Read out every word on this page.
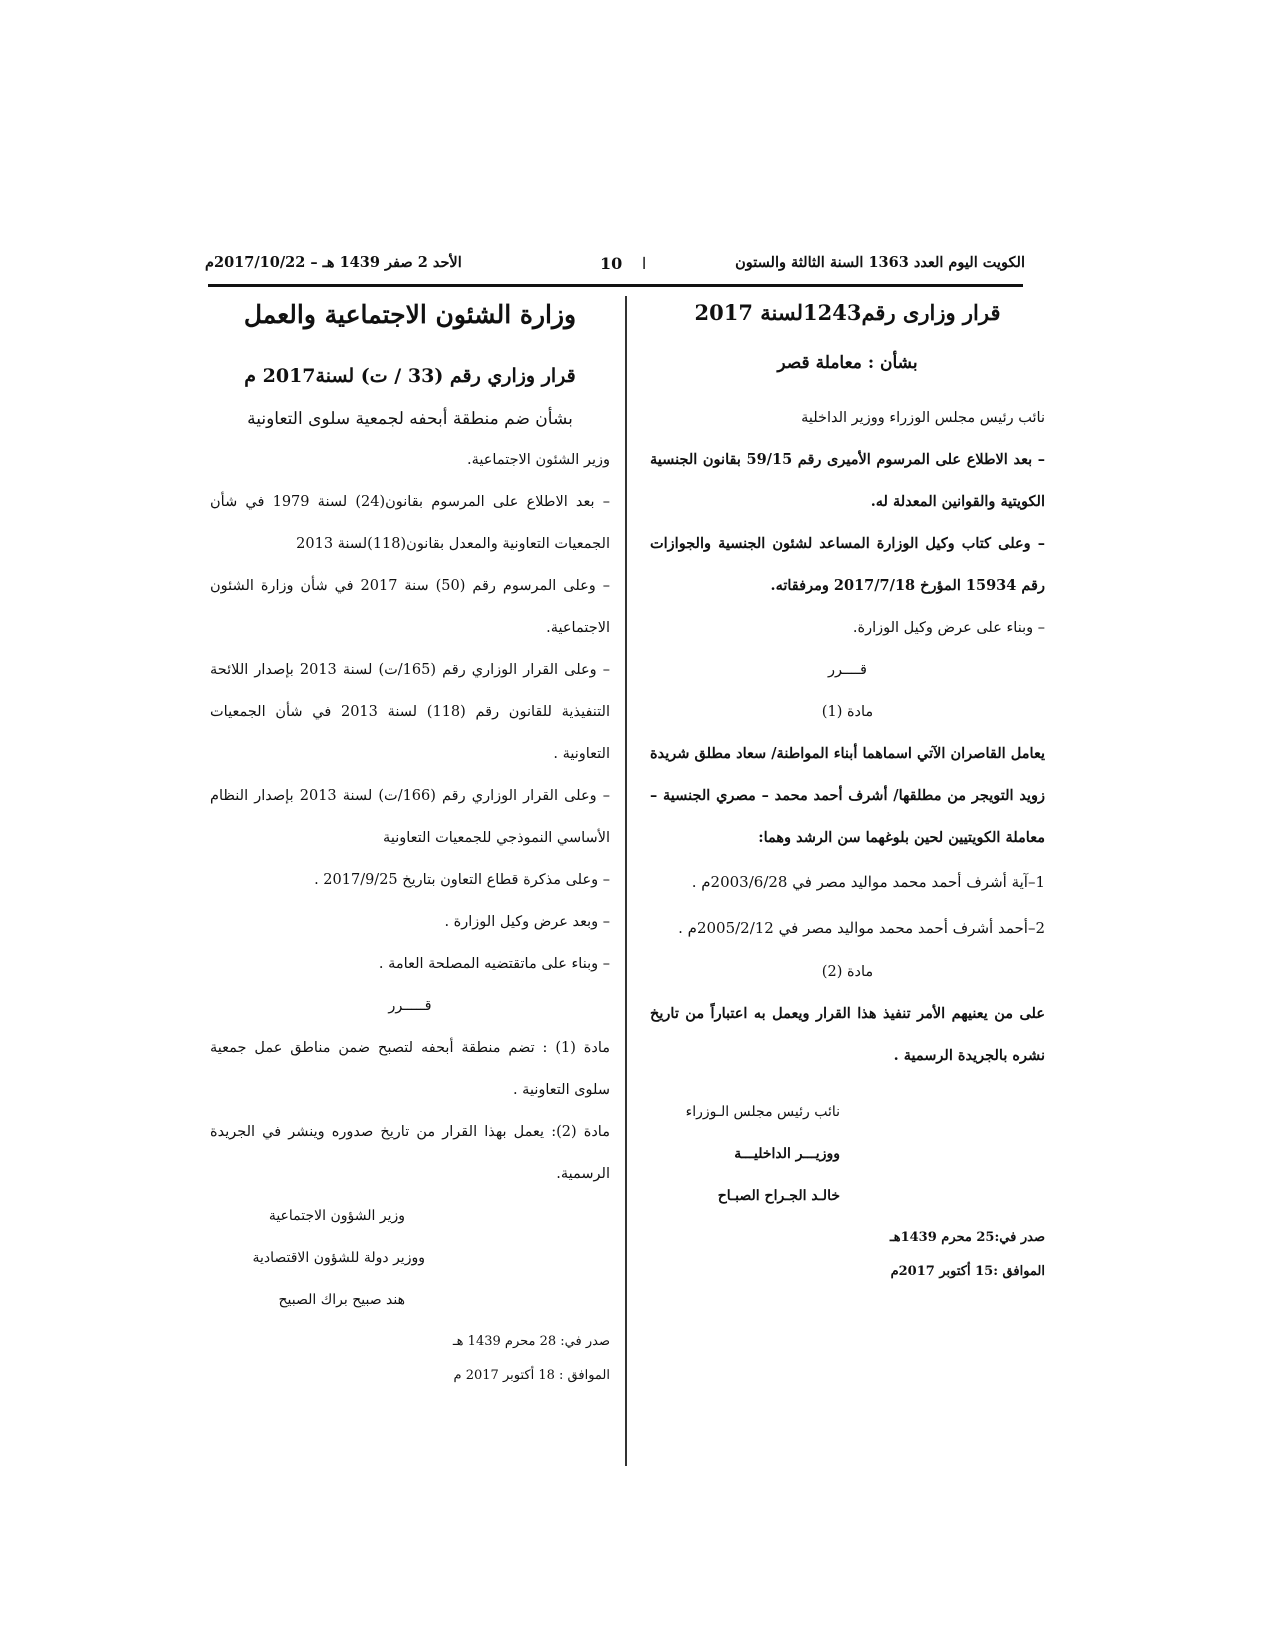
الكويت اليوم العدد 1363 السنة الثالثة والستون
10 ا
الأحد 2 صفر 1439 هـ – 2017/10/22م
قرار وزارى رقم1243لسنة 2017
بشأن : معاملة قصر

نائب رئيس مجلس الوزراء ووزير الداخلية

– بعد الاطلاع على المرسوم الأميرى رقم 59/15 بقانون الجنسية الكويتية والقوانين المعدلة له.

– وعلى كتاب وكيل الوزارة المساعد لشئون الجنسية والجوازات رقم 15934 المؤرخ 2017/7/18 ومرفقاته.

– وبناء على عرض وكيل الوزارة.

قــــرر

مادة (1)

يعامل القاصران الآتي اسماهما أبناء المواطنة/ سعاد مطلق شريدة زويد التويجر من مطلقها/ أشرف أحمد محمد – مصري الجنسية – معاملة الكويتيين لحين بلوغهما سن الرشد وهما:

1–آية أشرف أحمد محمد مواليد مصر في 2003/6/28م .

2–أحمد أشرف أحمد محمد مواليد مصر في 2005/2/12م .

مادة (2)

على من يعنيهم الأمر تنفيذ هذا القرار ويعمل به اعتباراً من تاريخ نشره بالجريدة الرسمية .

نائب رئيس مجلس الـوزراء

ووزيـــر الداخليـــة

خالـد الجـراح الصبـاح

صدر في:25 محرم 1439هـ

الموافق :15 أكتوبر 2017م

وزارة الشئون الاجتماعية والعمل
قرار وزاري رقم (33 / ت) لسنة2017 م
بشأن ضم منطقة أبحفه لجمعية سلوى التعاونية

وزير الشئون الاجتماعية.

– بعد الاطلاع على المرسوم بقانون(24) لسنة 1979 في شأن الجمعيات التعاونية والمعدل بقانون(118)لسنة 2013

– وعلى المرسوم رقم (50) سنة 2017 في شأن وزارة الشئون الاجتماعية.

– وعلى القرار الوزاري رقم (165/ت) لسنة 2013 بإصدار اللائحة التنفيذية للقانون رقم (118) لسنة 2013 في شأن الجمعيات التعاونية .

– وعلى القرار الوزاري رقم (166/ت) لسنة 2013 بإصدار النظام الأساسي النموذجي للجمعيات التعاونية

– وعلى مذكرة قطاع التعاون بتاريخ 2017/9/25 .

– وبعد عرض وكيل الوزارة .

– وبناء على ماتقتضيه المصلحة العامة .

قـــــرر

مادة (1) : تضم منطقة أبحفه لتصبح ضمن مناطق عمل جمعية سلوى التعاونية .

مادة (2): يعمل بهذا القرار من تاريخ صدوره وينشر في الجريدة الرسمية.

وزير الشؤون الاجتماعية

ووزير دولة للشؤون الاقتصادية

هند صبيح براك الصبيح

صدر في: 28 محرم 1439 هـ

الموافق : 18 أكتوبر 2017 م
